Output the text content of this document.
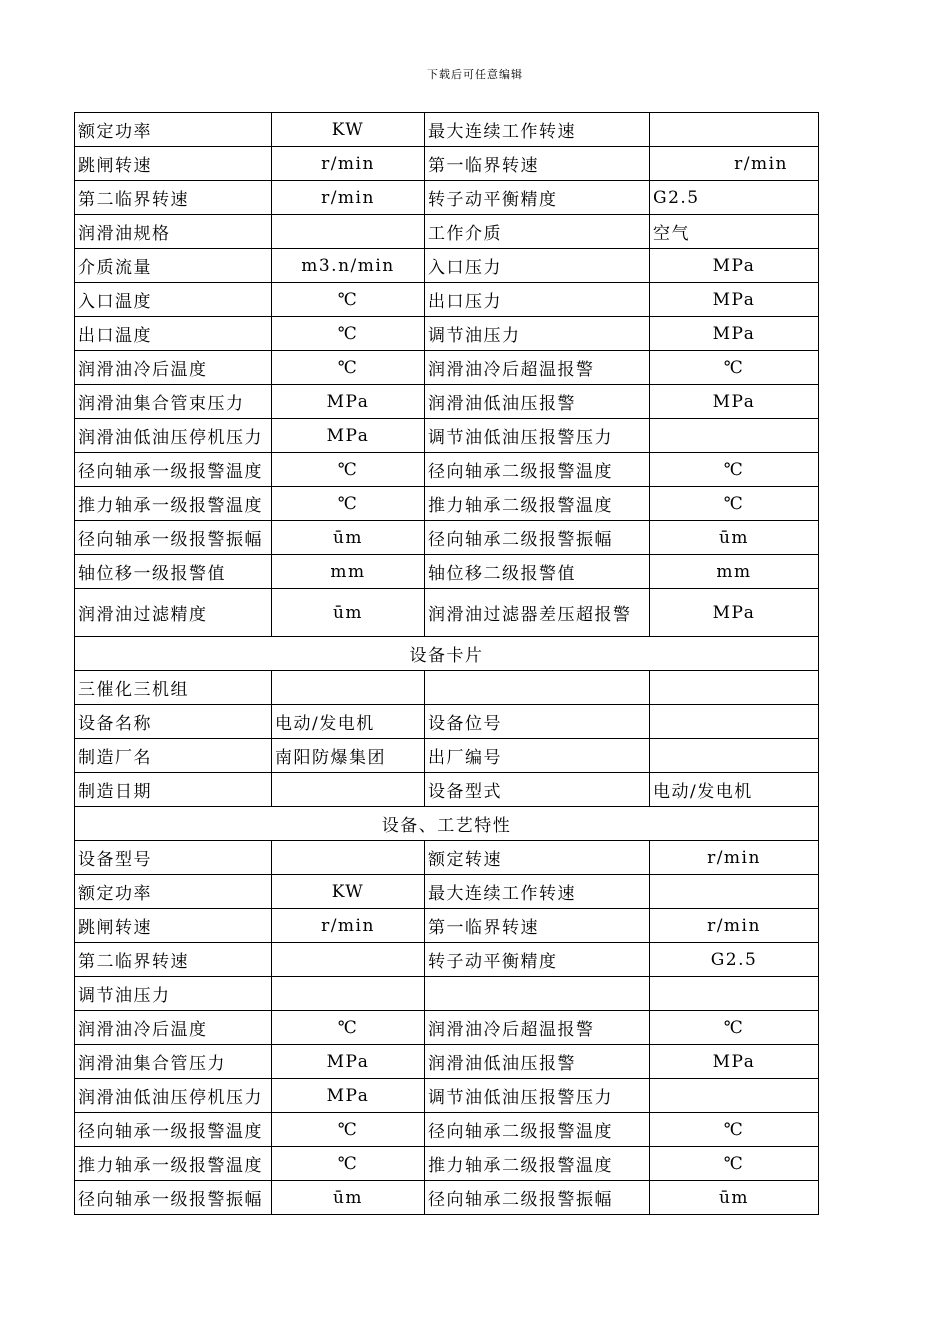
下载后可任意编辑
额定功率	KW	最大连续工作转速	
跳闸转速	r/min	第一临界转速	r/min
第二临界转速	r/min	转子动平衡精度	G2.5
润滑油规格		工作介质	空气
介质流量	m3.n/min	入口压力	MPa
入口温度	℃	出口压力	MPa
出口温度	℃	调节油压力	MPa
润滑油冷后温度	℃	润滑油冷后超温报警	℃
润滑油集合管束压力	MPa	润滑油低油压报警	MPa
润滑油低油压停机压力	MPa	调节油低油压报警压力	
径向轴承一级报警温度	℃	径向轴承二级报警温度	℃
推力轴承一级报警温度	℃	推力轴承二级报警温度	℃
径向轴承一级报警振幅	ūm	径向轴承二级报警振幅	ūm
轴位移一级报警值	mm	轴位移二级报警值	mm
润滑油过滤精度	ūm	润滑油过滤器差压超报警	MPa
设备卡片			
三催化三机组			
设备名称	电动/发电机	设备位号	
制造厂名	南阳防爆集团	出厂编号	
制造日期		设备型式	电动/发电机
设备、工艺特性			
设备型号		额定转速	r/min
额定功率	KW	最大连续工作转速	
跳闸转速	r/min	第一临界转速	r/min
第二临界转速		转子动平衡精度	G2.5
调节油压力			
润滑油冷后温度	℃	润滑油冷后超温报警	℃
润滑油集合管压力	MPa	润滑油低油压报警	MPa
润滑油低油压停机压力	MPa	调节油低油压报警压力	
径向轴承一级报警温度	℃	径向轴承二级报警温度	℃
推力轴承一级报警温度	℃	推力轴承二级报警温度	℃
径向轴承一级报警振幅	ūm	径向轴承二级报警振幅	ūm
